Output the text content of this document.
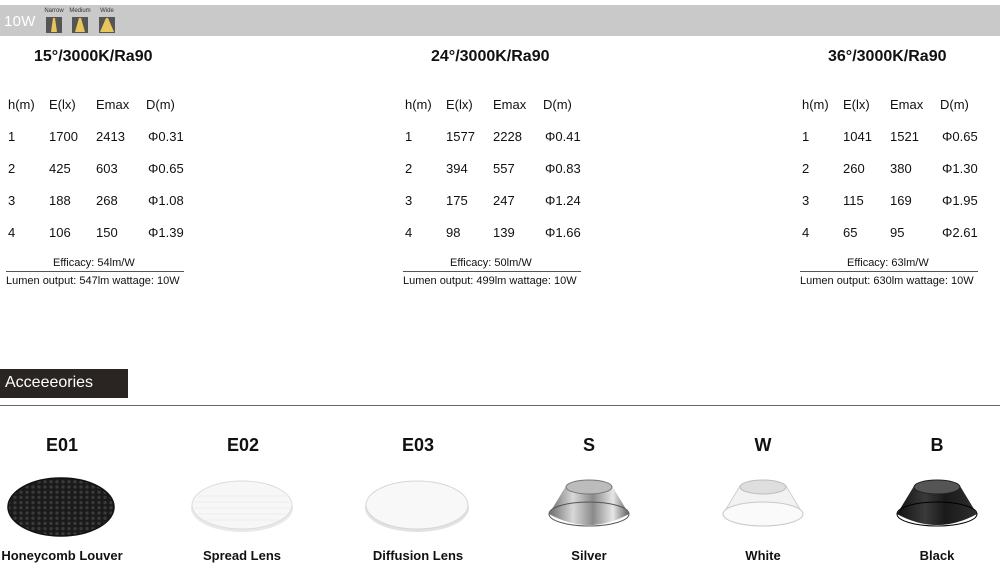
10W
Narrow Medium	Wide
15°/3000K/Ra90
h(m) E(lx) Emax D(m)
1	1700 2413 Φ0.31
2	425 603 Φ0.65
3	188 268 Φ1.08
4	106 150 Φ1.39
Efficacy: 54lm/W
Lumen output: 547lm wattage: 10W
24°/3000K/Ra90
h(m) E(lx) Emax D(m)
1	1577 2228 Φ0.41
2	394 557 Φ0.83
3	175 247 Φ1.24
4	98	139 Φ1.66
Efficacy: 50lm/W
Lumen output: 499lm wattage: 10W
36°/3000K/Ra90
h(m) E(lx) Emax D(m)
1	1041 1521 Φ0.65
2	260 380 Φ1.30
3	115 169 Φ1.95
4	65	95	Φ2.61
Efficacy: 63lm/W
Lumen output: 630lm wattage: 10W
Acceeeories
E01
Honeycomb Louver
E02
Spread Lens
E03
Diffusion Lens
S
Silver
W
White
B
Black
